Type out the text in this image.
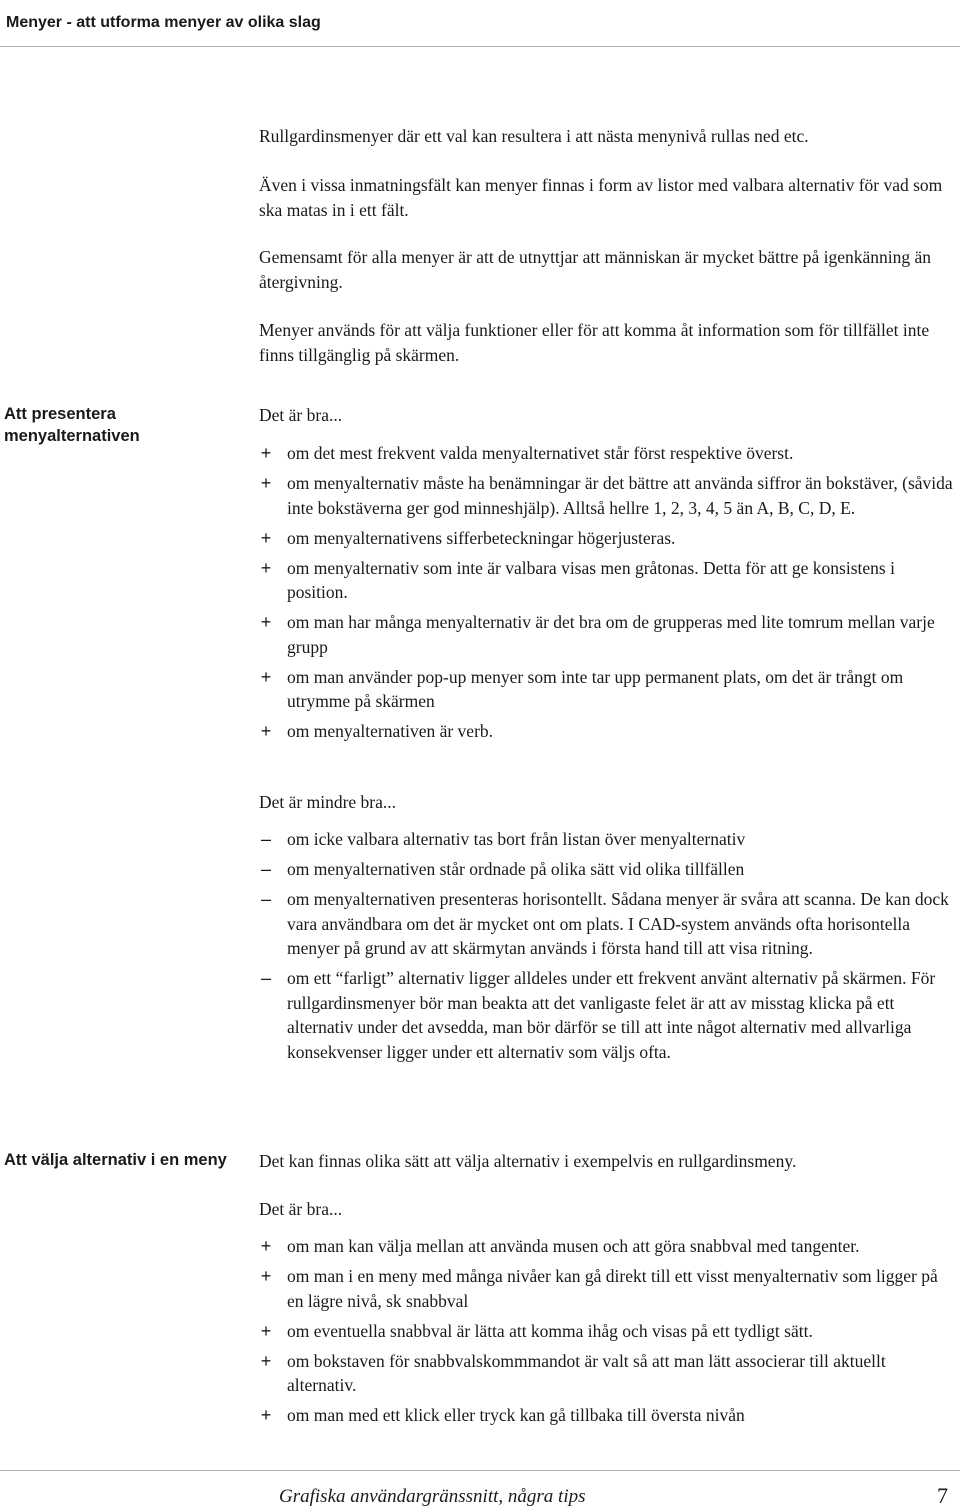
Menyer - att utforma menyer av olika slag

Rullgardinsmenyer där ett val kan resultera i att nästa menynivå rullas ned etc.

Även i vissa inmatningsfält kan menyer finnas i form av listor med valbara alternativ för vad som ska matas in i ett fält.

Gemensamt för alla menyer är att de utnyttjar att människan är mycket bättre på igenkänning än återgivning.

Menyer används för att välja funktioner eller för att komma åt information som för tillfället inte finns tillgänglig på skärmen.

Att presentera menyalternativen

Det är bra...

+ om det mest frekvent valda menyalternativet står först respektive överst.
+ om menyalternativ måste ha benämningar är det bättre att använda siffror än bokstäver, (såvida inte bokstäverna ger god minneshjälp). Alltså hellre 1, 2, 3, 4, 5 än A, B, C, D, E.
+ om menyalternativens sifferbeteckningar högerjusteras.
+ om menyalternativ som inte är valbara visas men gråtonas. Detta för att ge konsistens i position.
+ om man har många menyalternativ är det bra om de grupperas med lite tomrum mellan varje grupp
+ om man använder pop-up menyer som inte tar upp permanent plats, om det är trångt om utrymme på skärmen
+ om menyalternativen är verb.

Det är mindre bra...

– om icke valbara alternativ tas bort från listan över menyalternativ
– om menyalternativen står ordnade på olika sätt vid olika tillfällen
– om menyalternativen presenteras horisontellt. Sådana menyer är svåra att scanna. De kan dock vara användbara om det är mycket ont om plats. I CAD-system används ofta horisontella menyer på grund av att skärmytan används i första hand till att visa ritning.
– om ett “farligt” alternativ ligger alldeles under ett frekvent använt alternativ på skärmen. För rullgardinsmenyer bör man beakta att det vanligaste felet är att av misstag klicka på ett alternativ under det avsedda, man bör därför se till att inte något alternativ med allvarliga konsekvenser ligger under ett alternativ som väljs ofta.
Att välja alternativ i en meny	Det kan finnas olika sätt att välja alternativ i exempelvis en rullgardinsmeny.

Det är bra...

+ om man kan välja mellan att använda musen och att göra snabbval med tangenter.
+ om man i en meny med många nivåer kan gå direkt till ett visst menyalternativ som ligger på en lägre nivå, sk snabbval
+ om eventuella snabbval är lätta att komma ihåg och visas på ett tydligt sätt.
+ om bokstaven för snabbvalskommmandot är valt så att man lätt associerar till aktuellt alternativ.
+ om man med ett klick eller tryck kan gå tillbaka till översta nivån
Grafiska användargränssnitt, några tips	7
